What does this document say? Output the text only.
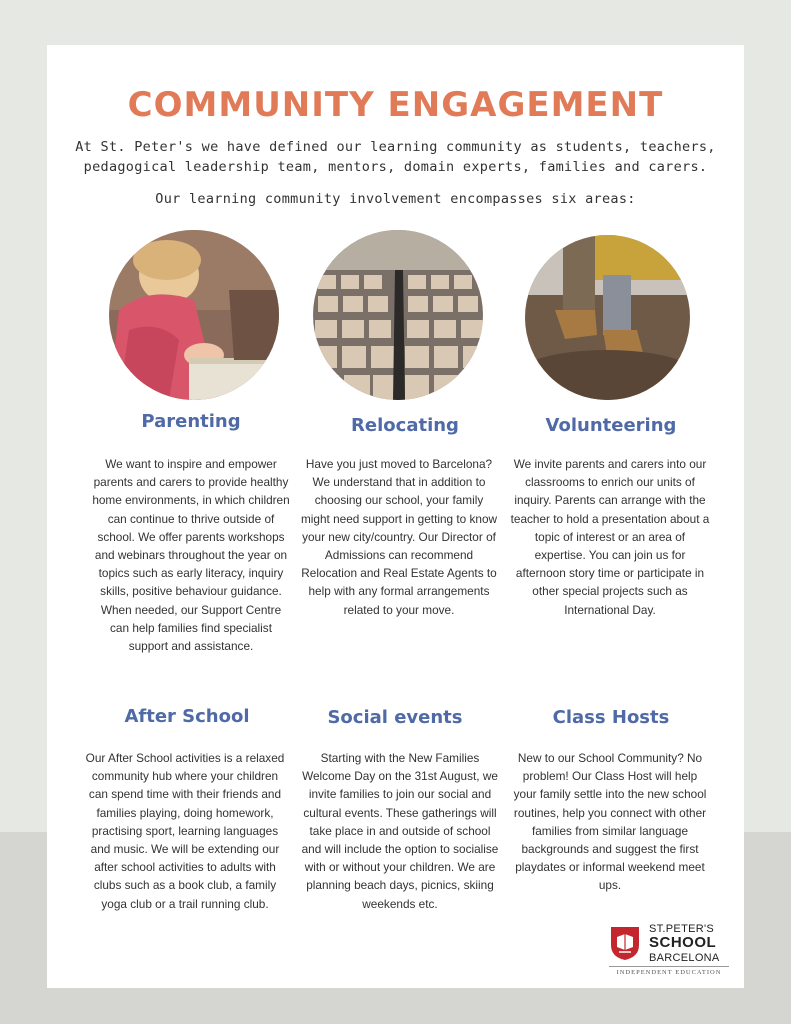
COMMUNITY ENGAGEMENT

At St. Peter's we have defined our learning community as students, teachers, pedagogical leadership team, mentors, domain experts, families and carers.

Our learning community involvement encompasses six areas:

Parenting	Relocating	Volunteering

We want to inspire and empower parents and carers to provide healthy home environments, in which children can continue to thrive outside of school. We offer parents workshops and webinars throughout the year on topics such as early literacy, inquiry skills, positive behaviour guidance. When needed, our Support Centre can help families find specialist support and assistance.

Have you just moved to Barcelona? We understand that in addition to choosing our school, your family might need support in getting to know your new city/country. Our Director of Admissions can recommend Relocation and Real Estate Agents to help with any formal arrangements related to your move.

We invite parents and carers into our classrooms to enrich our units of inquiry. Parents can arrange with the teacher to hold a presentation about a topic of interest or an area of expertise. You can join us for afternoon story time or participate in other special projects such as International Day.

After School	Social events	Class Hosts

Our After School activities is a relaxed community hub where your children can spend time with their friends and families playing, doing homework, practising sport, learning languages and music. We will be extending our after school activities to adults with clubs such as a book club, a family yoga club or a trail running club.

Starting with the New Families Welcome Day on the 31st August, we invite families to join our social and cultural events. These gatherings will take place in and outside of school and will include the option to socialise with or without your children. We are planning beach days, picnics, skiing weekends etc.

New to our School Community? No problem! Our Class Host will help your family settle into the new school routines, help you connect with other families from similar language backgrounds and suggest the first playdates or informal weekend meet ups.

ST.PETER'S
SCHOOL
BARCELONA
INDEPENDENT EDUCATION
